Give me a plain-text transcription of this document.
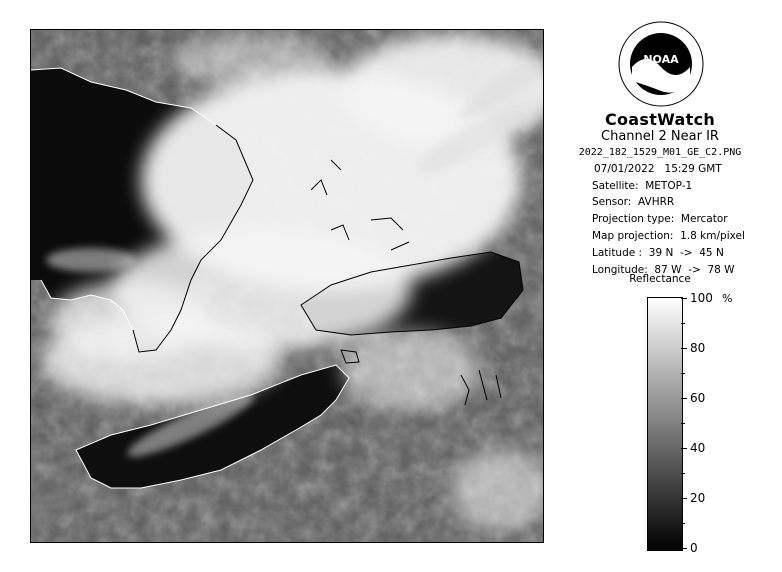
NOAA
CoastWatch
Channel 2 Near IR
2022_182_1529_M01_GE_C2.PNG
07/01/2022   15:29 GMT
Satellite:  METOP-1
Sensor:  AVHRR
Projection type:  Mercator
Map projection:  1.8 km/pixel
Latitude :  39 N  ->  45 N
Longitude:  87 W  ->  78 W
Reflectance
%
100
80
60
40
20
0
